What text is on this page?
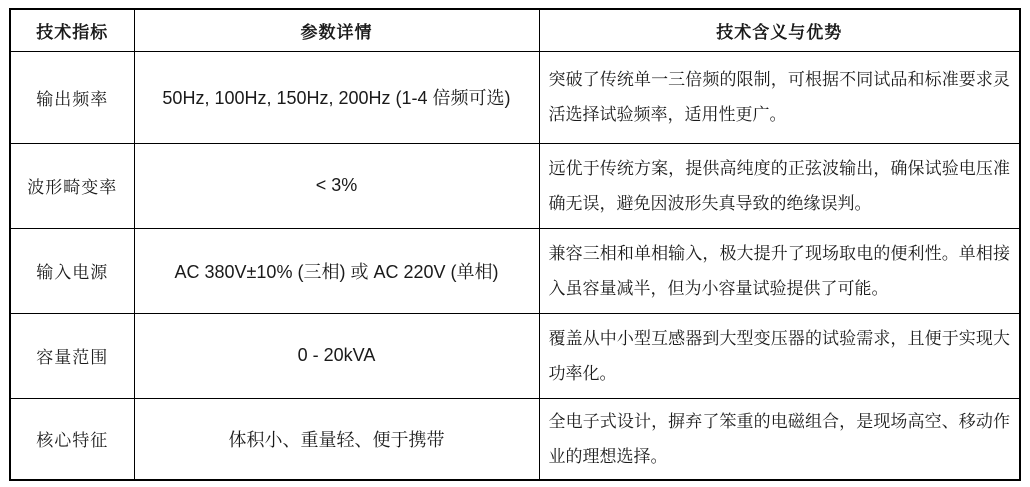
技术指标	参数详情	技术含义与优势
输出频率	50Hz, 100Hz, 150Hz, 200Hz (1-4 倍频可选)	突破了传统单一三倍频的限制，可根据不同试品和标准要求灵活选择试验频率，适用性更广。
波形畸变率	< 3%	远优于传统方案，提供高纯度的正弦波输出，确保试验电压准确无误，避免因波形失真导致的绝缘误判。
输入电源	AC 380V±10% (三相) 或 AC 220V (单相)	兼容三相和单相输入，极大提升了现场取电的便利性。单相接入虽容量减半，但为小容量试验提供了可能。
容量范围	0 - 20kVA	覆盖从中小型互感器到大型变压器的试验需求，且便于实现大功率化。
核心特征	体积小、重量轻、便于携带	全电子式设计，摒弃了笨重的电磁组合，是现场高空、移动作业的理想选择。
